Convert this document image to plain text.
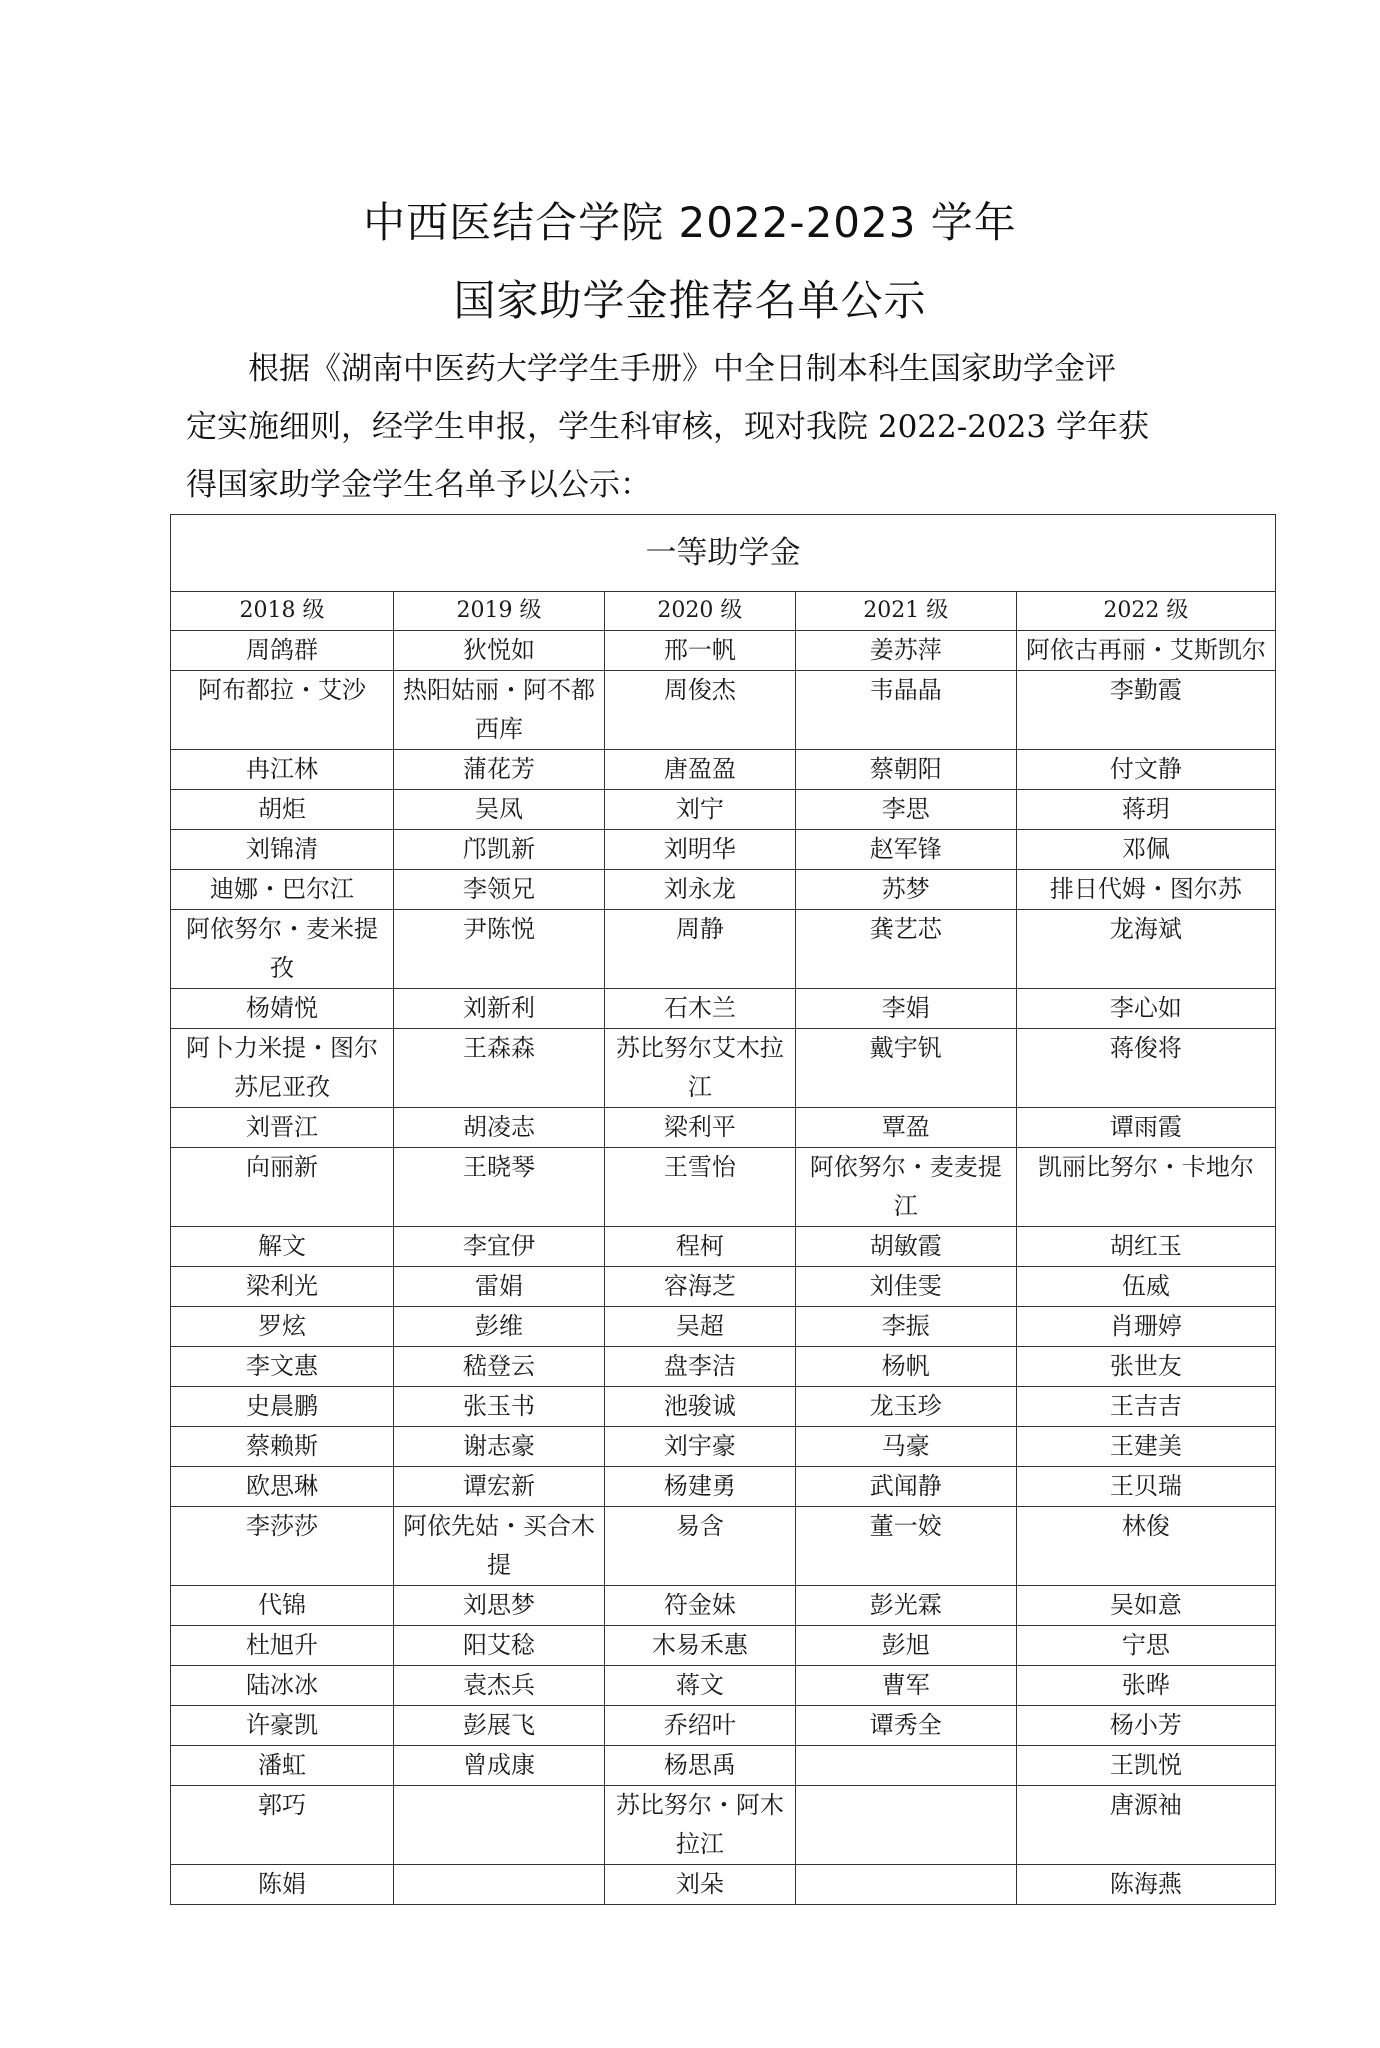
中西医结合学院 2022-2023 学年
国家助学金推荐名单公示
根据《湖南中医药大学学生手册》中全日制本科生国家助学金评
定实施细则，经学生申报，学生科审核，现对我院 2022-2023 学年获
得国家助学金学生名单予以公示：
一等助学金				
2018 级	2019 级	2020 级	2021 级	2022 级
周鸽群	狄悦如	邢一帆	姜苏萍	阿依古再丽・艾斯凯尔
阿布都拉・艾沙	热阳姑丽・阿不都西库	周俊杰	韦晶晶	李勤霞
冉江林	蒲花芳	唐盈盈	蔡朝阳	付文静
胡炬	吴凤	刘宁	李思	蒋玥
刘锦清	邝凯新	刘明华	赵军锋	邓佩
迪娜・巴尔江	李领兄	刘永龙	苏梦	排日代姆・图尔苏
阿依努尔・麦米提孜	尹陈悦	周静	龚艺芯	龙海斌
杨婧悦	刘新利	石木兰	李娟	李心如
阿卜力米提・图尔苏尼亚孜	王森森	苏比努尔艾木拉江	戴宇钒	蒋俊将
刘晋江	胡凌志	梁利平	覃盈	谭雨霞
向丽新	王晓琴	王雪怡	阿依努尔・麦麦提江	凯丽比努尔・卡地尔
解文	李宜伊	程柯	胡敏霞	胡红玉
梁利光	雷娟	容海芝	刘佳雯	伍威
罗炫	彭维	吴超	李振	肖珊婷
李文惠	嵇登云	盘李洁	杨帆	张世友
史晨鹏	张玉书	池骏诚	龙玉珍	王吉吉
蔡赖斯	谢志豪	刘宇豪	马豪	王建美
欧思琳	谭宏新	杨建勇	武闻静	王贝瑞
李莎莎	阿依先姑・买合木提	易含	董一姣	林俊
代锦	刘思梦	符金妹	彭光霖	吴如意
杜旭升	阳艾稔	木易禾惠	彭旭	宁思
陆冰冰	袁杰兵	蒋文	曹军	张晔
许豪凯	彭展飞	乔绍叶	谭秀全	杨小芳
潘虹	曾成康	杨思禹		王凯悦
郭巧		苏比努尔・阿木拉江		唐源袖
陈娟		刘朵		陈海燕
